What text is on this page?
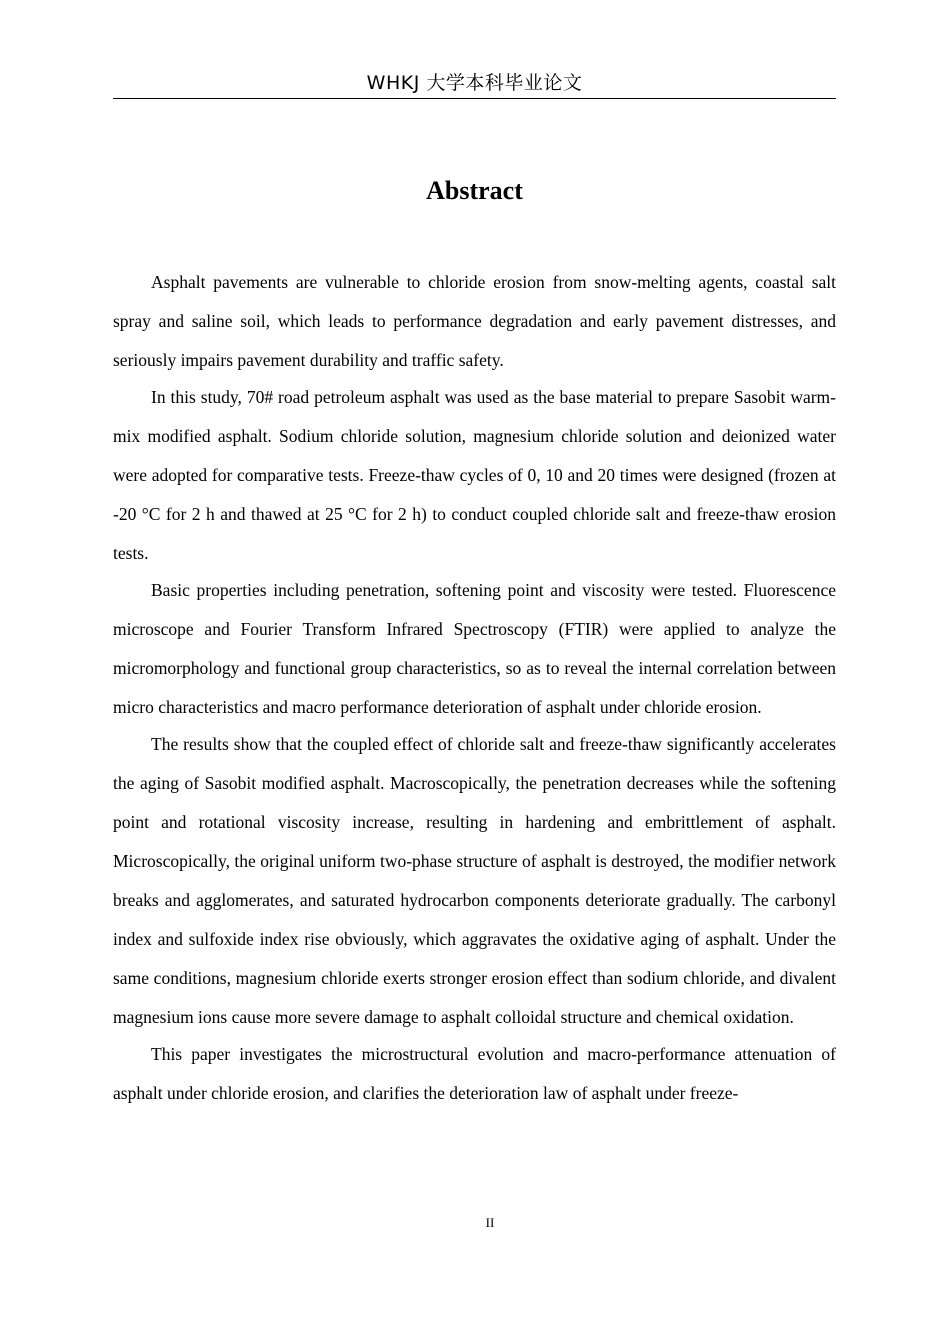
WHKJ 大学本科毕业论文
Abstract

Asphalt pavements are vulnerable to chloride erosion from snow-melting agents, coastal salt spray and saline soil, which leads to performance degradation and early pavement distresses, and seriously impairs pavement durability and traffic safety.

In this study, 70# road petroleum asphalt was used as the base material to prepare Sasobit warm-mix modified asphalt. Sodium chloride solution, magnesium chloride solution and deionized water were adopted for comparative tests. Freeze-thaw cycles of 0, 10 and 20 times were designed (frozen at -20 °C for 2 h and thawed at 25 °C for 2 h) to conduct coupled chloride salt and freeze-thaw erosion tests.

Basic properties including penetration, softening point and viscosity were tested. Fluorescence microscope and Fourier Transform Infrared Spectroscopy (FTIR) were applied to analyze the micromorphology and functional group characteristics, so as to reveal the internal correlation between micro characteristics and macro performance deterioration of asphalt under chloride erosion.

The results show that the coupled effect of chloride salt and freeze-thaw significantly accelerates the aging of Sasobit modified asphalt. Macroscopically, the penetration decreases while the softening point and rotational viscosity increase, resulting in hardening and embrittlement of asphalt. Microscopically, the original uniform two-phase structure of asphalt is destroyed, the modifier network breaks and agglomerates, and saturated hydrocarbon components deteriorate gradually. The carbonyl index and sulfoxide index rise obviously, which aggravates the oxidative aging of asphalt. Under the same conditions, magnesium chloride exerts stronger erosion effect than sodium chloride, and divalent magnesium ions cause more severe damage to asphalt colloidal structure and chemical oxidation.

This paper investigates the microstructural evolution and macro-performance attenuation of asphalt under chloride erosion, and clarifies the deterioration law of asphalt under freeze-

II
